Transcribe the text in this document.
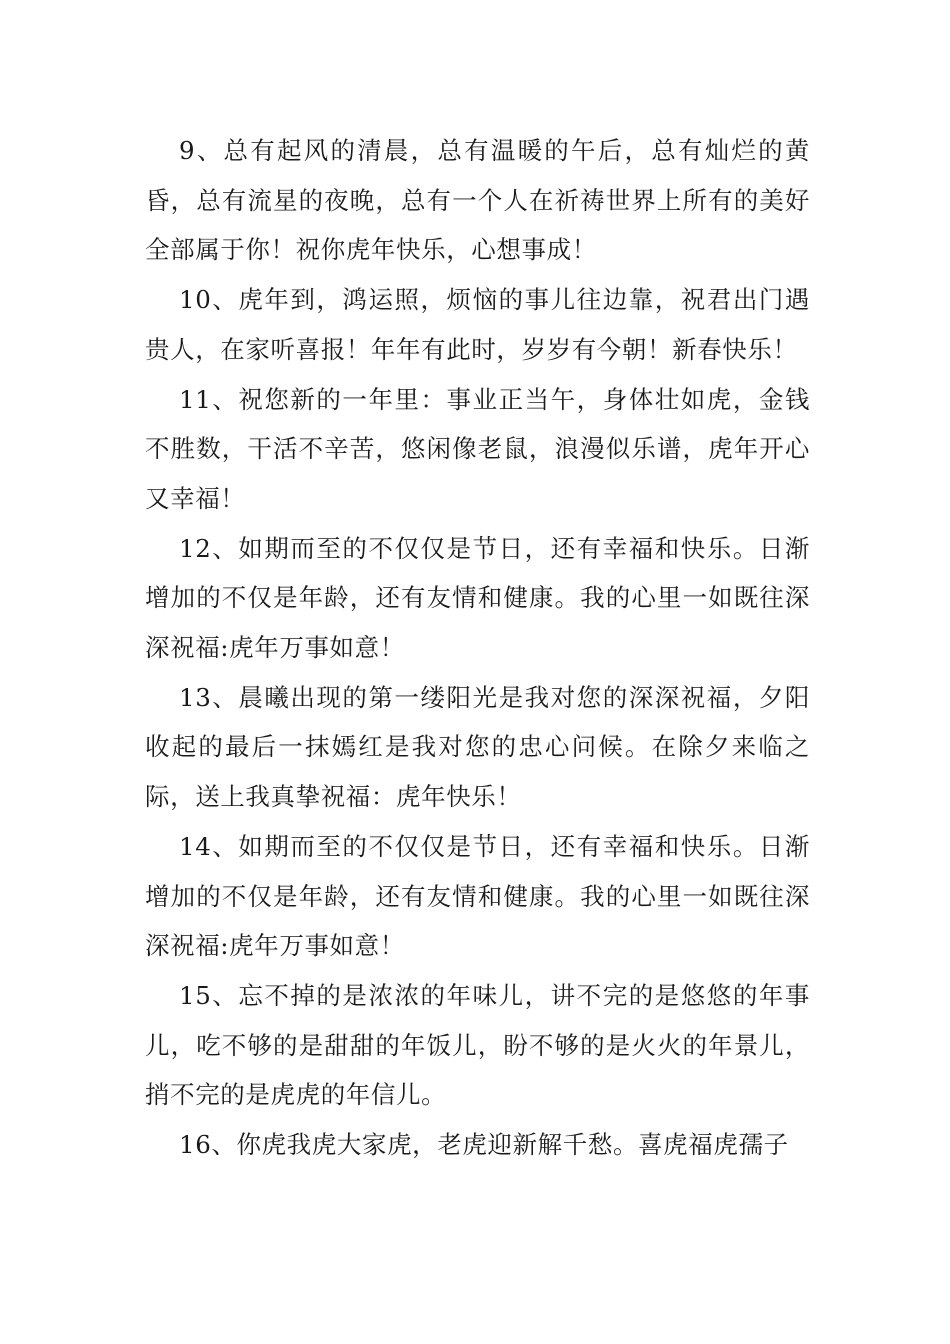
9、总有起风的清晨，总有温暖的午后，总有灿烂的黄昏，总有流星的夜晚，总有一个人在祈祷世界上所有的美好全部属于你！祝你虎年快乐，心想事成！

10、虎年到，鸿运照，烦恼的事儿往边靠，祝君出门遇贵人，在家听喜报！年年有此时，岁岁有今朝！新春快乐！

11、祝您新的一年里：事业正当午，身体壮如虎，金钱不胜数，干活不辛苦，悠闲像老鼠，浪漫似乐谱，虎年开心又幸福！

12、如期而至的不仅仅是节日，还有幸福和快乐。日渐增加的不仅是年龄，还有友情和健康。我的心里一如既往深深祝福:虎年万事如意！

13、晨曦出现的第一缕阳光是我对您的深深祝福，夕阳收起的最后一抹嫣红是我对您的忠心问候。在除夕来临之际，送上我真挚祝福：虎年快乐！

14、如期而至的不仅仅是节日，还有幸福和快乐。日渐增加的不仅是年龄，还有友情和健康。我的心里一如既往深深祝福:虎年万事如意！

15、忘不掉的是浓浓的年味儿，讲不完的是悠悠的年事儿，吃不够的是甜甜的年饭儿，盼不够的是火火的年景儿，捎不完的是虎虎的年信儿。

16、你虎我虎大家虎，老虎迎新解千愁。喜虎福虎孺子
